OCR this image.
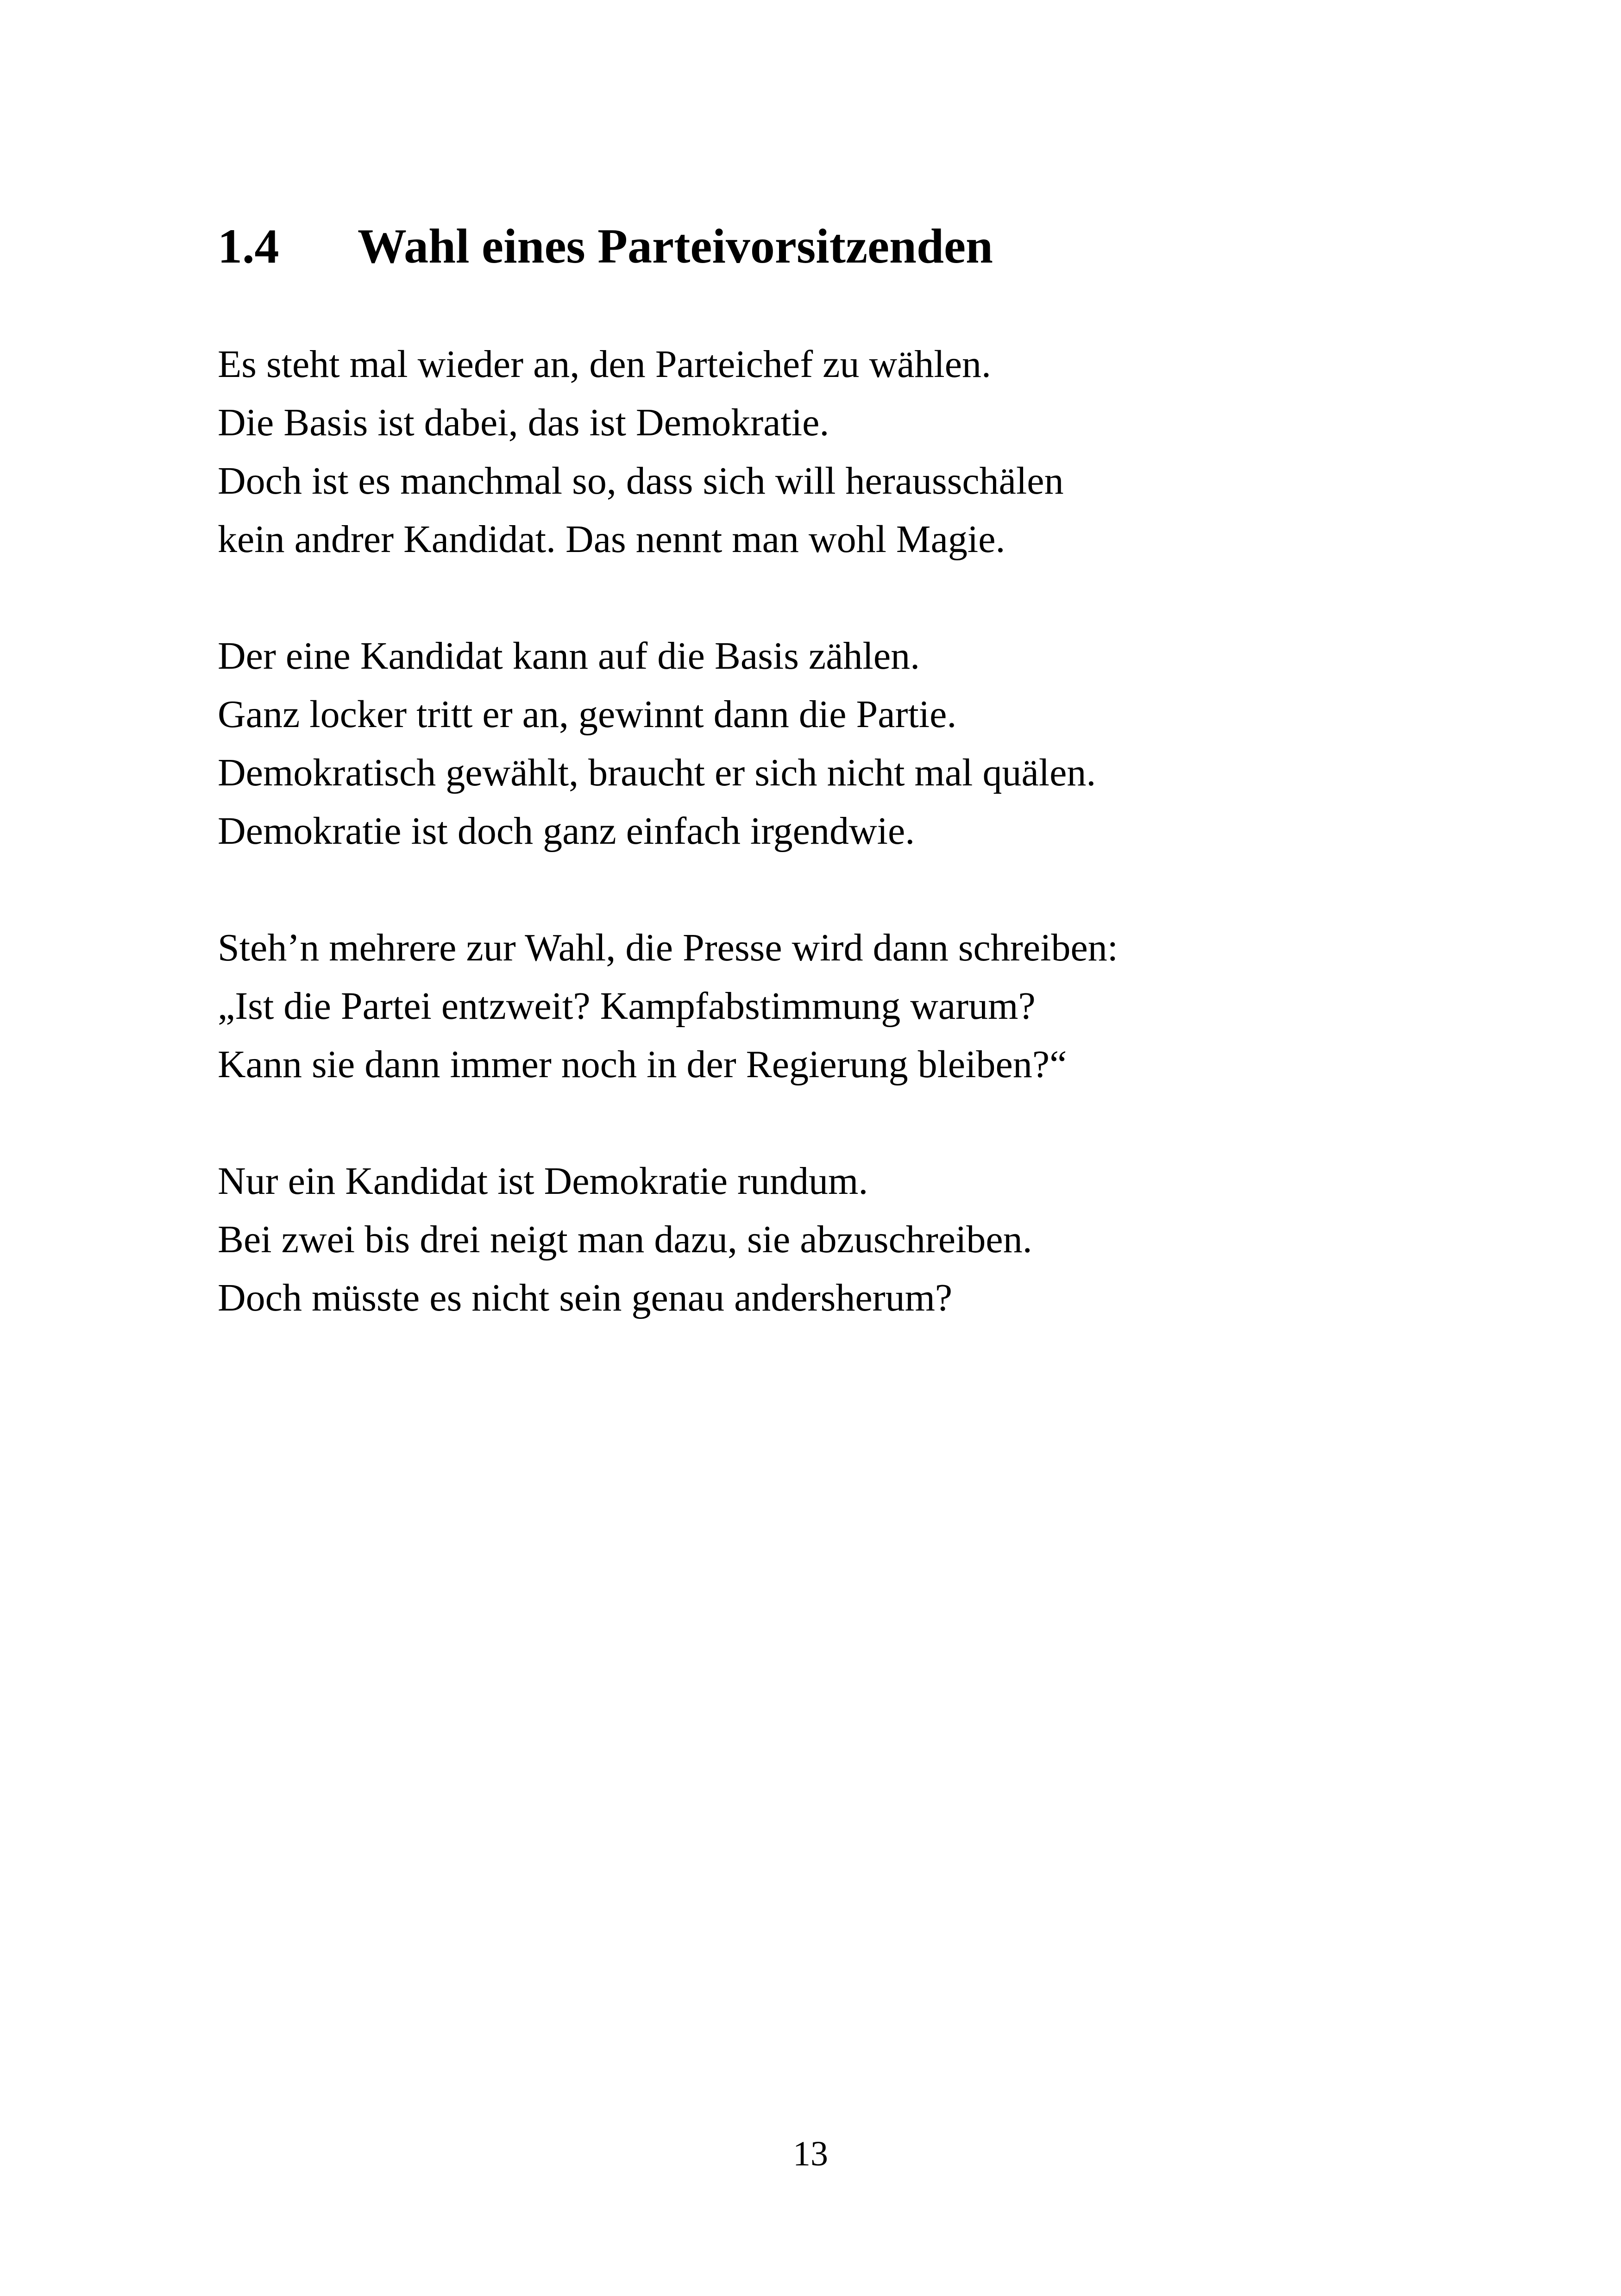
1.4	Wahl eines Parteivorsitzenden
Es steht mal wieder an, den Parteichef zu wählen.
Die Basis ist dabei, das ist Demokratie.
Doch ist es manchmal so, dass sich will herausschälen
kein andrer Kandidat. Das nennt man wohl Magie.
Der eine Kandidat kann auf die Basis zählen.
Ganz locker tritt er an, gewinnt dann die Partie.
Demokratisch gewählt, braucht er sich nicht mal quälen.
Demokratie ist doch ganz einfach irgendwie.
Steh’n mehrere zur Wahl, die Presse wird dann schreiben:
„Ist die Partei entzweit? Kampfabstimmung warum?
Kann sie dann immer noch in der Regierung bleiben?“
Nur ein Kandidat ist Demokratie rundum.
Bei zwei bis drei neigt man dazu, sie abzuschreiben.
Doch müsste es nicht sein genau andersherum?
13
